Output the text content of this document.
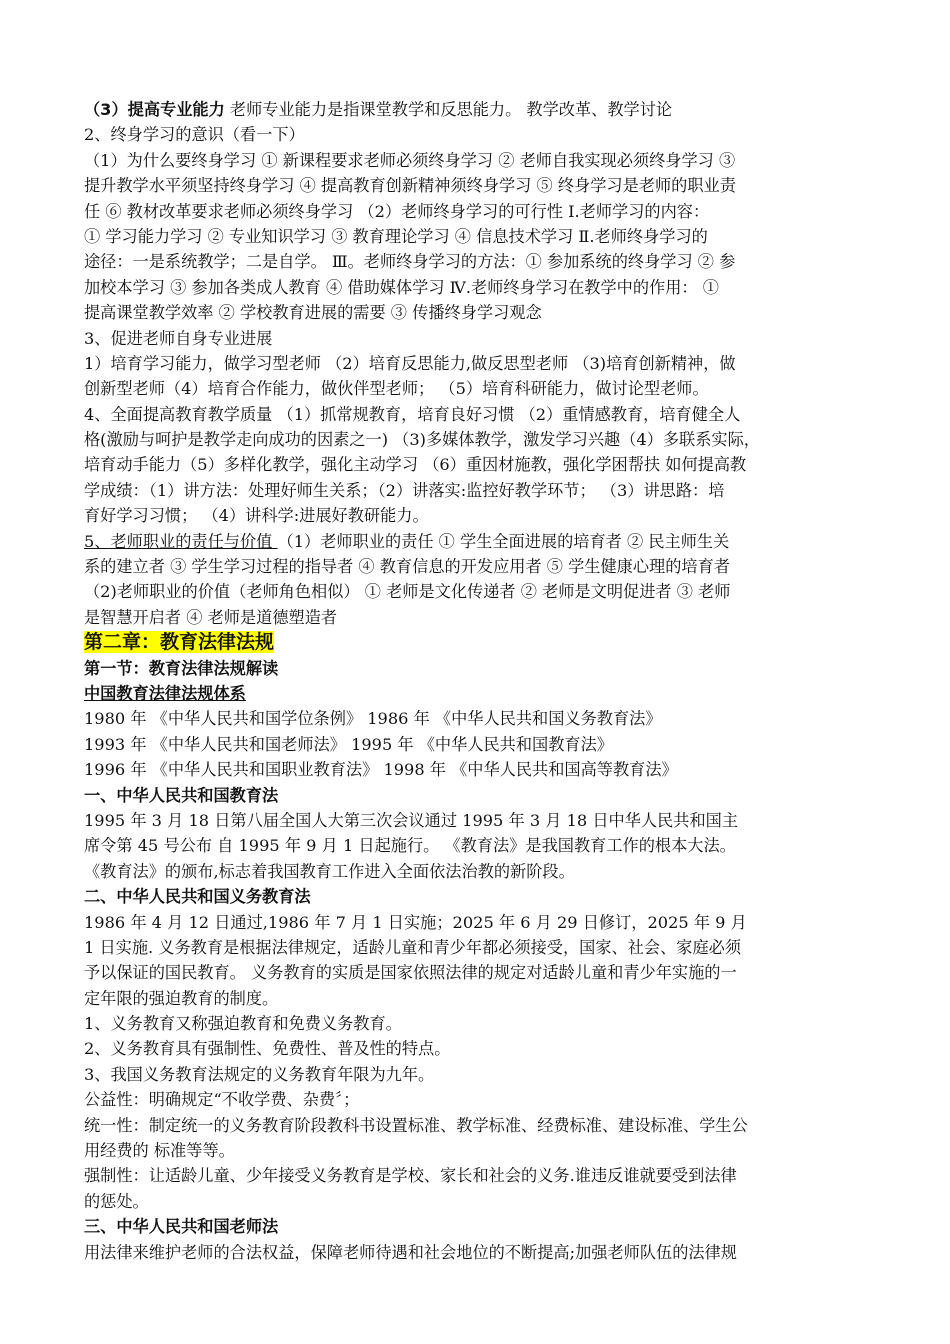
（3）提高专业能力 老师专业能力是指课堂教学和反思能力。 教学改革、教学讨论
2、终身学习的意识（看一下）
（1）为什么要终身学习 ① 新课程要求老师必须终身学习 ② 老师自我实现必须终身学习 ③
提升教学水平须坚持终身学习 ④ 提高教育创新精神须终身学习 ⑤ 终身学习是老师的职业责
任 ⑥ 教材改革要求老师必须终身学习 （2）老师终身学习的可行性 Ⅰ.老师学习的内容：
① 学习能力学习 ② 专业知识学习 ③ 教育理论学习 ④ 信息技术学习 Ⅱ.老师终身学习的
途径：一是系统教学；二是自学。 Ⅲ。老师终身学习的方法：① 参加系统的终身学习 ② 参
加校本学习 ③ 参加各类成人教育 ④ 借助媒体学习 Ⅳ.老师终身学习在教学中的作用： ①
提高课堂教学效率 ② 学校教育进展的需要 ③ 传播终身学习观念
3、促进老师自身专业进展
1）培育学习能力，做学习型老师 （2）培育反思能力,做反思型老师 （3)培育创新精神，做
创新型老师（4）培育合作能力，做伙伴型老师； （5）培育科研能力，做讨论型老师。
4、全面提高教育教学质量 （1）抓常规教育，培育良好习惯 （2）重情感教育，培育健全人
格(激励与呵护是教学走向成功的因素之一) （3)多媒体教学，激发学习兴趣（4）多联系实际，
培育动手能力（5）多样化教学，强化主动学习 （6）重因材施教，强化学困帮扶 如何提高教
学成绩：（1）讲方法：处理好师生关系；（2）讲落实:监控好教学环节； （3）讲思路：培
育好学习习惯； （4）讲科学:进展好教研能力。
5、老师职业的责任与价值 （1）老师职业的责任 ① 学生全面进展的培育者 ② 民主师生关
系的建立者 ③ 学生学习过程的指导者 ④ 教育信息的开发应用者 ⑤ 学生健康心理的培育者
（2)老师职业的价值（老师角色相似） ① 老师是文化传递者 ② 老师是文明促进者 ③ 老师
是智慧开启者 ④ 老师是道德塑造者
第二章：教育法律法规
第一节：教育法律法规解读
中国教育法律法规体系
1980 年 《中华人民共和国学位条例》 1986 年 《中华人民共和国义务教育法》
1993 年 《中华人民共和国老师法》 1995 年 《中华人民共和国教育法》
1996 年 《中华人民共和国职业教育法》 1998 年 《中华人民共和国高等教育法》
一、中华人民共和国教育法
1995 年 3 月 18 日第八届全国人大第三次会议通过 1995 年 3 月 18 日中华人民共和国主
席令第 45 号公布 自 1995 年 9 月 1 日起施行。 《教育法》是我国教育工作的根本大法。
《教育法》的颁布,标志着我国教育工作进入全面依法治教的新阶段。
二、中华人民共和国义务教育法
1986 年 4 月 12 日通过,1986 年 7 月 1 日实施；2025 年 6 月 29 日修订，2025 年 9 月
1 日实施. 义务教育是根据法律规定，适龄儿童和青少年都必须接受，国家、社会、家庭必须
予以保证的国民教育。 义务教育的实质是国家依照法律的规定对适龄儿童和青少年实施的一
定年限的强迫教育的制度。
1、义务教育又称强迫教育和免费义务教育。
2、义务教育具有强制性、免费性、普及性的特点。
3、我国义务教育法规定的义务教育年限为九年。
公益性：明确规定“不收学费、杂费〞；
统一性：制定统一的义务教育阶段教科书设置标准、教学标准、经费标准、建设标准、学生公
用经费的 标准等等。
强制性：让适龄儿童、少年接受义务教育是学校、家长和社会的义务.谁违反谁就要受到法律
的惩处。
三、中华人民共和国老师法
用法律来维护老师的合法权益，保障老师待遇和社会地位的不断提高;加强老师队伍的法律规
